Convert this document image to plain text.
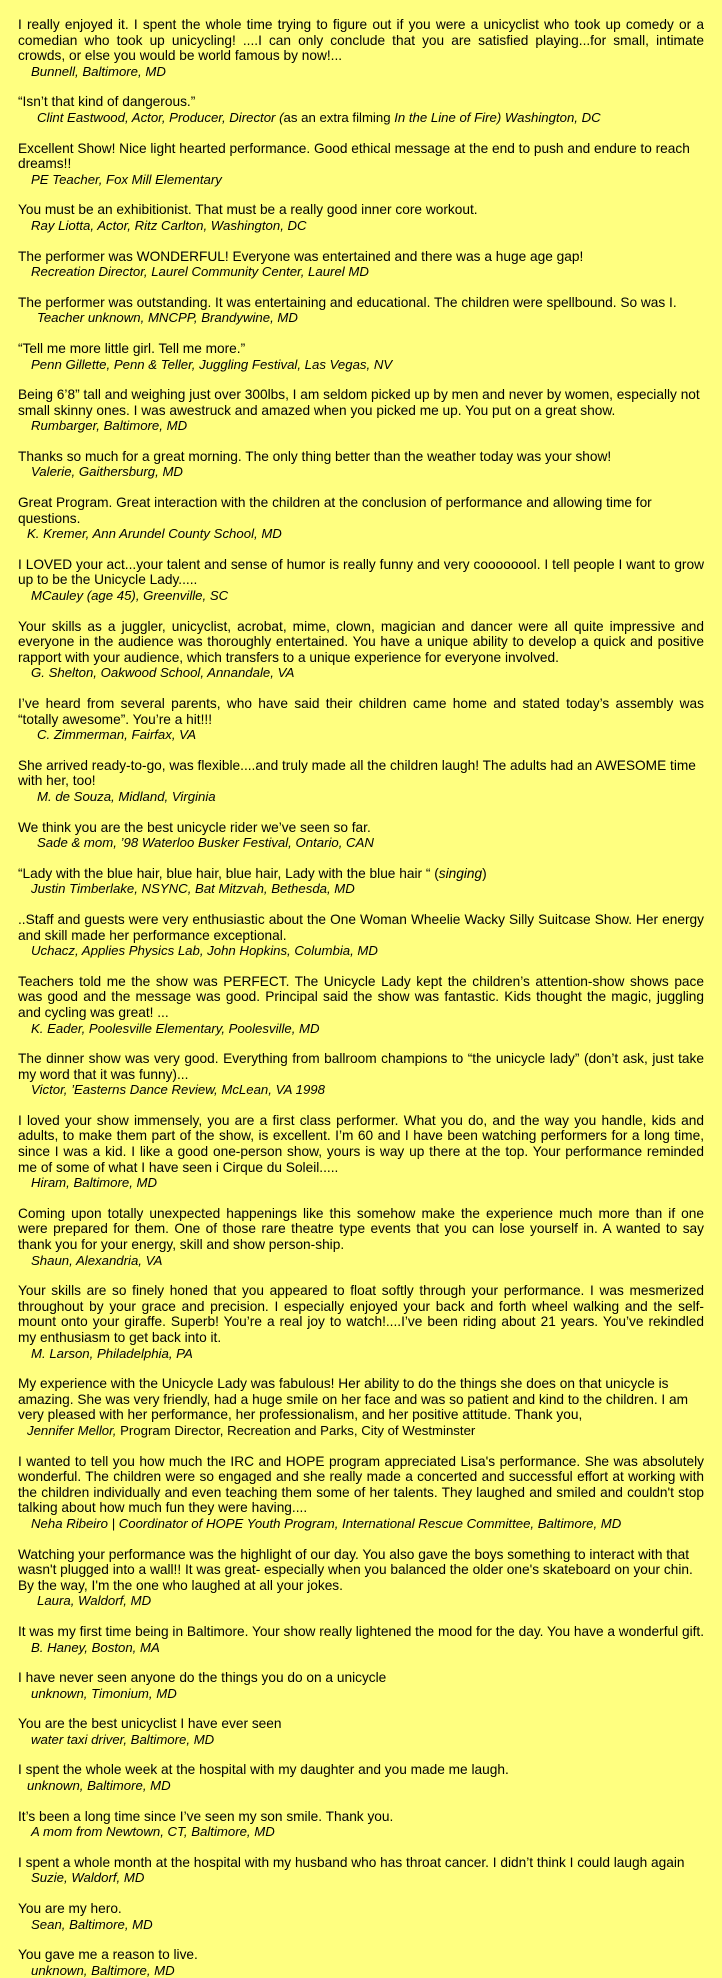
I really enjoyed it. I spent the whole time trying to figure out if you were a unicyclist who took up comedy or a comedian who took up unicycling! ....I can only conclude that you are satisfied playing...for small, intimate crowds, or else you would be world famous by now!...

Bunnell, Baltimore, MD

“Isn’t that kind of dangerous.”

Clint Eastwood, Actor, Producer, Director (as an extra filming In the Line of Fire) Washington, DC

Excellent Show! Nice light hearted performance. Good ethical message at the end to push and endure to reach dreams!!

PE Teacher, Fox Mill Elementary

You must be an exhibitionist. That must be a really good inner core workout.

Ray Liotta, Actor, Ritz Carlton, Washington, DC

The performer was WONDERFUL! Everyone was entertained and there was a huge age gap!

Recreation Director, Laurel Community Center, Laurel MD

The performer was outstanding. It was entertaining and educational. The children were spellbound. So was I.

Teacher unknown, MNCPP, Brandywine, MD

“Tell me more little girl. Tell me more.”

Penn Gillette, Penn & Teller, Juggling Festival, Las Vegas, NV

Being 6’8” tall and weighing just over 300lbs, I am seldom picked up by men and never by women, especially not small skinny ones. I was awestruck and amazed when you picked me up. You put on a great show.

Rumbarger, Baltimore, MD

Thanks so much for a great morning. The only thing better than the weather today was your show!

Valerie, Gaithersburg, MD

Great Program. Great interaction with the children at the conclusion of performance and allowing time for questions.

K. Kremer, Ann Arundel County School, MD

I LOVED your act...your talent and sense of humor is really funny and very coooooool. I tell people I want to grow up to be the Unicycle Lady.....

MCauley (age 45), Greenville, SC

Your skills as a juggler, unicyclist, acrobat, mime, clown, magician and dancer were all quite impressive and everyone in the audience was thoroughly entertained. You have a unique ability to develop a quick and positive rapport with your audience, which transfers to a unique experience for everyone involved.

G. Shelton, Oakwood School, Annandale, VA

I’ve heard from several parents, who have said their children came home and stated today’s assembly was “totally awesome”. You’re a hit!!!

C. Zimmerman, Fairfax, VA

She arrived ready-to-go, was flexible....and truly made all the children laugh! The adults had an AWESOME time with her, too!

M. de Souza, Midland, Virginia

We think you are the best unicycle rider we’ve seen so far.

Sade & mom, ’98 Waterloo Busker Festival, Ontario, CAN

“Lady with the blue hair, blue hair, blue hair, Lady with the blue hair “ (singing)

Justin Timberlake, NSYNC, Bat Mitzvah, Bethesda, MD

..Staff and guests were very enthusiastic about the One Woman Wheelie Wacky Silly Suitcase Show. Her energy and skill made her performance exceptional.

Uchacz, Applies Physics Lab, John Hopkins, Columbia, MD

Teachers told me the show was PERFECT. The Unicycle Lady kept the children’s attention-show shows pace was good and the message was good. Principal said the show was fantastic. Kids thought the magic, juggling and cycling was great! ...

K. Eader, Poolesville Elementary, Poolesville, MD

The dinner show was very good. Everything from ballroom champions to “the unicycle lady” (don’t ask, just take my word that it was funny)...

Victor, ’Easterns Dance Review, McLean, VA 1998

I loved your show immensely, you are a first class performer. What you do, and the way you handle, kids and adults, to make them part of the show, is excellent. I’m 60 and I have been watching performers for a long time, since I was a kid. I like a good one-person show, yours is way up there at the top. Your performance reminded me of some of what I have seen i Cirque du Soleil.....

Hiram, Baltimore, MD

Coming upon totally unexpected happenings like this somehow make the experience much more than if one were prepared for them. One of those rare theatre type events that you can lose yourself in. A wanted to say thank you for your energy, skill and show person-ship.

Shaun, Alexandria, VA

Your skills are so finely honed that you appeared to float softly through your performance. I was mesmerized throughout by your grace and precision. I especially enjoyed your back and forth wheel walking and the self-mount onto your giraffe. Superb! You’re a real joy to watch!....I’ve been riding about 21 years. You’ve rekindled my enthusiasm to get back into it.

M. Larson, Philadelphia, PA

My experience with the Unicycle Lady was fabulous! Her ability to do the things she does on that unicycle is amazing. She was very friendly, had a huge smile on her face and was so patient and kind to the children. I am very pleased with her performance, her professionalism, and her positive attitude. Thank you,

Jennifer Mellor, Program Director, Recreation and Parks, City of Westminster

I wanted to tell you how much the IRC and HOPE program appreciated Lisa's performance. She was absolutely wonderful. The children were so engaged and she really made a concerted and successful effort at working with the children individually and even teaching them some of her talents. They laughed and smiled and couldn't stop talking about how much fun they were having....

Neha Ribeiro | Coordinator of HOPE Youth Program, International Rescue Committee, Baltimore, MD

Watching your performance was the highlight of our day. You also gave the boys something to interact with that wasn't plugged into a wall!! It was great- especially when you balanced the older one's skateboard on your chin. By the way, I'm the one who laughed at all your jokes.

Laura, Waldorf, MD

It was my first time being in Baltimore. Your show really lightened the mood for the day. You have a wonderful gift.

B. Haney, Boston, MA

I have never seen anyone do the things you do on a unicycle

unknown, Timonium, MD

You are the best unicyclist I have ever seen

water taxi driver, Baltimore, MD

I spent the whole week at the hospital with my daughter and you made me laugh.

unknown, Baltimore, MD

It’s been a long time since I’ve seen my son smile. Thank you.

A mom from Newtown, CT, Baltimore, MD

I spent a whole month at the hospital with my husband who has throat cancer. I didn’t think I could laugh again

Suzie, Waldorf, MD

You are my hero.

Sean, Baltimore, MD

You gave me a reason to live.

unknown, Baltimore, MD
